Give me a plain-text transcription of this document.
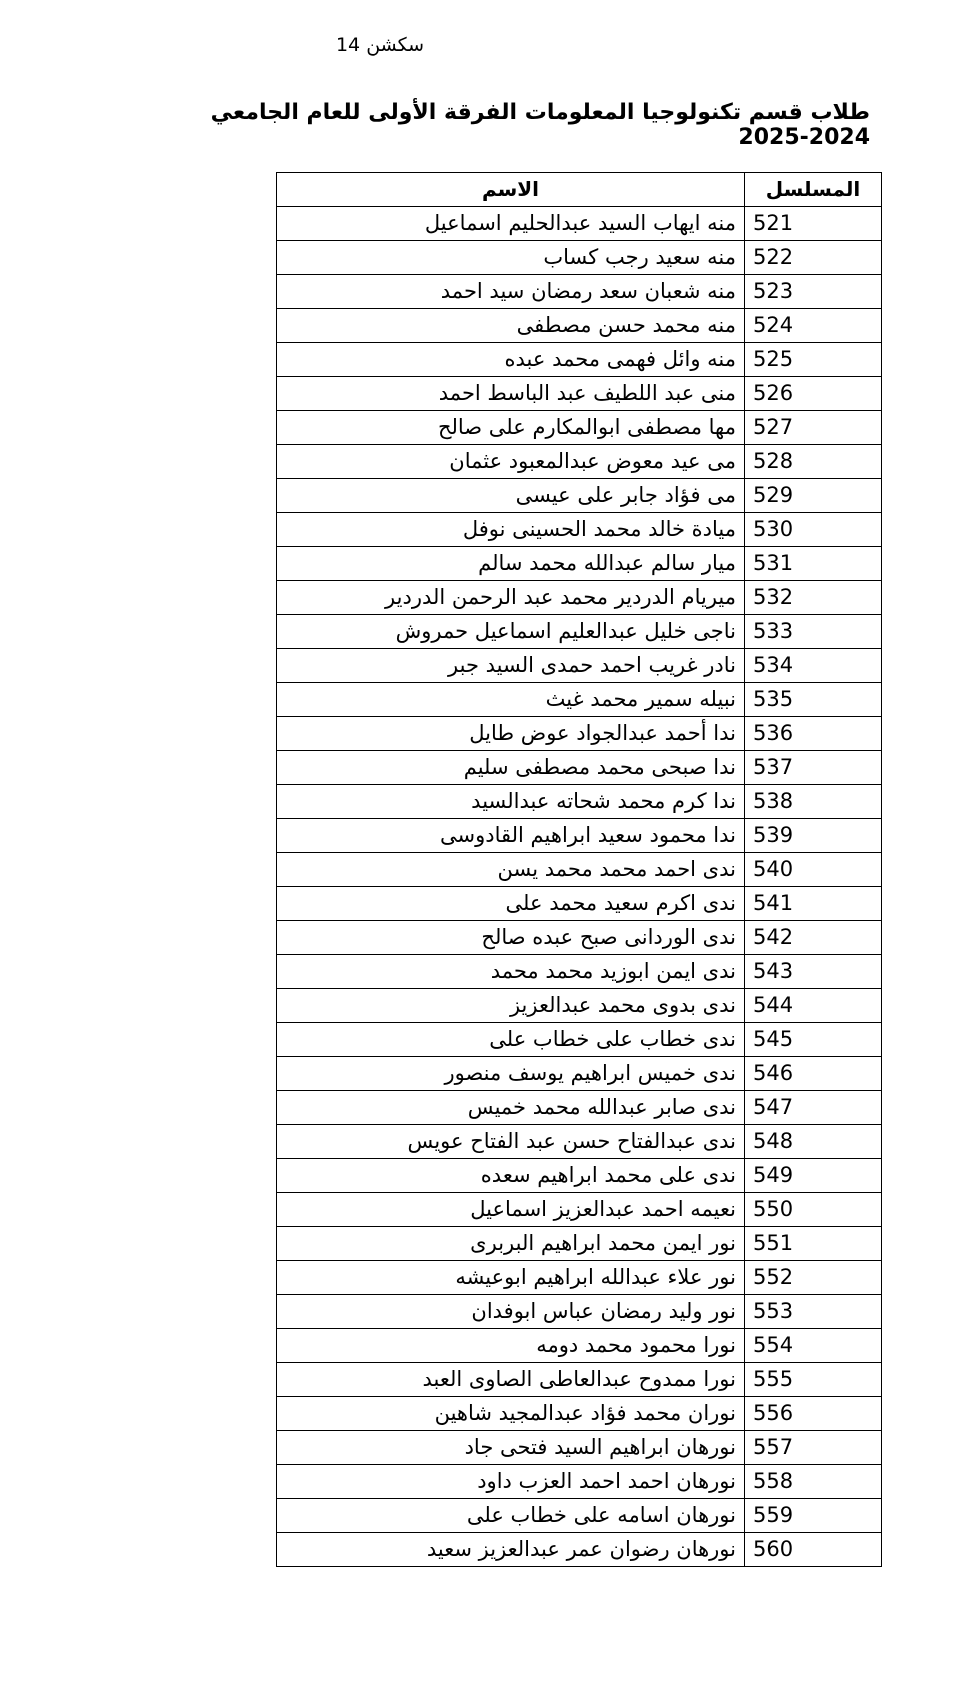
سكشن 14
طلاب قسم تكنولوجيا المعلومات الفرقة الأولى للعام الجامعي 2024-2025
المسلسل	الاسم
521	منه ايهاب السيد عبدالحليم اسماعيل
522	منه سعيد رجب كساب
523	منه شعبان سعد رمضان سيد احمد
524	منه محمد حسن مصطفى
525	منه وائل فهمى محمد عبده
526	منى عبد اللطيف عبد الباسط احمد
527	مها مصطفى ابوالمكارم على صالح
528	مى عيد معوض عبدالمعبود عثمان
529	مى فؤاد جابر على عيسى
530	ميادة خالد محمد الحسينى نوفل
531	ميار سالم عبدالله محمد سالم
532	ميريام الدردير محمد عبد الرحمن الدردير
533	ناجى خليل عبدالعليم اسماعيل حمروش
534	نادر غريب احمد حمدى السيد جبر
535	نبيله سمير محمد غيث
536	ندا أحمد عبدالجواد عوض طايل
537	ندا صبحى محمد مصطفى سليم
538	ندا كرم محمد شحاته عبدالسيد
539	ندا محمود سعيد ابراهيم القادوسى
540	ندى احمد محمد محمد يسن
541	ندى اكرم سعيد محمد على
542	ندى الوردانى صبح عبده صالح
543	ندى ايمن ابوزيد محمد محمد
544	ندى بدوى محمد عبدالعزيز
545	ندى خطاب على خطاب على
546	ندى خميس ابراهيم يوسف منصور
547	ندى صابر عبدالله محمد خميس
548	ندى عبدالفتاح حسن عبد الفتاح عويس
549	ندى على محمد ابراهيم سعده
550	نعيمه احمد عبدالعزيز اسماعيل
551	نور ايمن محمد ابراهيم البربرى
552	نور علاء عبدالله ابراهيم ابوعيشه
553	نور وليد رمضان عباس ابوفدان
554	نورا محمود محمد دومه
555	نورا ممدوح عبدالعاطى الصاوى العبد
556	نوران محمد فؤاد عبدالمجيد شاهين
557	نورهان ابراهيم السيد فتحى جاد
558	نورهان احمد احمد العزب داود
559	نورهان اسامه على خطاب على
560	نورهان رضوان عمر عبدالعزيز سعيد
